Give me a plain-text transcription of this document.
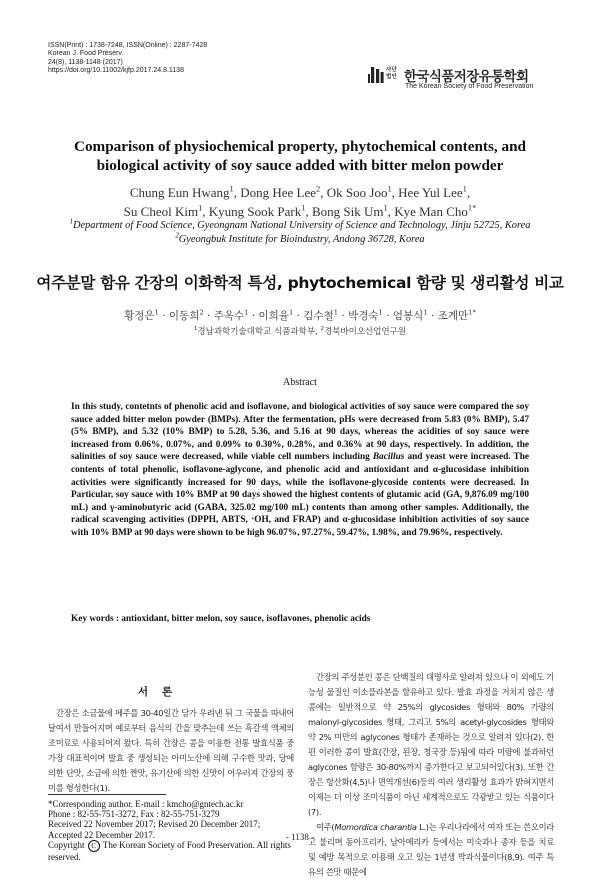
ISSN(Print) : 1738-7248, ISSN(Online) : 2287-7428
Korean J. Food Preserv.
24(8), 1138-1148 (2017)
https://doi.org/10.11002/kjfp.2017.24.8.1138	사단
법인 한국식품저장유통학회
The Korean Society of Food Preservation
Comparison of physiochemical property, phytochemical contents, and
biological activity of soy sauce added with bitter melon powder
Chung Eun Hwang$^1$, Dong Hee Lee$^2$, Ok Soo Joo$^1$, Hee Yul Lee$^1$,
Su Cheol Kim$^1$, Kyung Sook Park$^1$, Bong Sik Um$^1$, Kye Man Cho$^{1*}$
$^1$Department of Food Science, Gyeongnam National University of Science and Technology, Jinju 52725, Korea
$^2$Gyeongbuk Institute for Bioindustry, Andong 36728, Korea
여주분말 함유 간장의 이화학적 특성, phytochemical 함량 및 생리활성 비교
황정은$^1$ · 이동희$^2$ · 주옥수$^1$ · 이희율$^1$ · 김수철$^1$ · 박경숙$^1$ · 엄봉식$^1$ · 조계만$^{1*}$
$^1$경남과학기술대학교 식품과학부, $^2$경북바이오산업연구원
Abstract
In this study, contetnts of phenolic acid and isoflavone, and biological activities of soy sauce were compared the soy sauce added bitter melon powder (BMPs). After the fermentation, pHs were decreased from 5.83 (0% BMP), 5.47 (5% BMP), and 5.32 (10% BMP) to 5.28, 5.36, and 5.16 at 90 days, whereas the acidities of soy sauce were increased from 0.06%, 0.07%, and 0.09% to 0.30%, 0.28%, and 0.36% at 90 days, respectively. In addition, the salinities of soy sauce were decreased, while viable cell numbers including Bacillus and yeast were increased. The contents of total phenolic, isoflavone-aglycone, and phenolic acid and antioxidant and α-glucosidase inhibition activities were significantly increased for 90 days, while the isoflavone-glycoside contents were decreased. In Particular, soy sauce with 10% BMP at 90 days showed the highest contents of glutamic acid (GA, 9,876.09 mg/100 mL) and γ-aminobutyric acid (GABA, 325.02 mg/100 mL) contents than among other samples. Additionally, the radical scavenging activities (DPPH, ABTS, ⋅OH, and FRAP) and α-glucosidase inhibition activities of soy sauce with 10% BMP at 90 days were shown to be high 96.07%, 97.27%, 59.47%, 1.98%, and 79.96%, respectively.
Key words : antioxidant, bitter melon, soy sauce, isoflavones, phenolic acids
서론
간장은 소금물에 메주를 30-40일간 담가 우려낸 뒤 그 국물을 따내어 달여서 만들어지며 예로부터 음식의 간을 맞추는데 쓰는 흑갈색 액체의 조미료로 사용되어져 왔다. 특히 간장은 콩을 이용한 전통 발효식품 중 가장 대표적이며 발효 중 생성되는 아미노산에 의해 구수한 맛과, 당에 의한 단맛, 소금에 의한 짠맛, 유기산에 의한 신맛이 어우러져 간장의 풍미를 형성한다(1).
간장의 주성분인 콩은 단백질의 대명사로 알려져 있으나 이 외에도 기능성 물질인 이소플라본을 함유하고 있다. 발효 과정을 거치지 않은 생콩에는 일반적으로 약 25%의 glycosides 형태와 80% 가량의 malonyl-glycosides 형태, 그리고 5%의 acetyl-glycosides 형태와 약 2% 미만의 aglycones 형태가 존재하는 것으로 알려져 있다(2). 한편 이러한 콩이 발효(간장, 된장, 청국장 등)됨에 따라 미량에 불과하던 aglycones 함량은 30-80%까지 증가한다고 보고되어있다(3). 또한 간장은 항산화(4,5)나 면역개선(6)등의 여러 생리활성 효과가 밝혀지면서 이제는 더 이상 조미식품이 아닌 세계적으로도 각광받고 있는 식품이다(7).
여주(Momordica charantia L.)는 우리나라에서 여자 또는 쓴오이라고 불리며 동아프리카, 남아메리카 등에서는 미숙과나 종자 등을 치료 및 예방 목적으로 이용해 오고 있는 1년생 박과식물이다(8,9). 여주 특유의 쓴맛 때문에
*Corresponding author. E-mail : kmcho@gntech.ac.kr
Phone : 82-55-751-3272, Fax : 82-55-751-3279
Received 22 November 2017; Revised 20 December 2017;
Accepted 22 December 2017.
Copyright C The Korean Society of Food Preservation. All rights reserved.
- 1138 -
